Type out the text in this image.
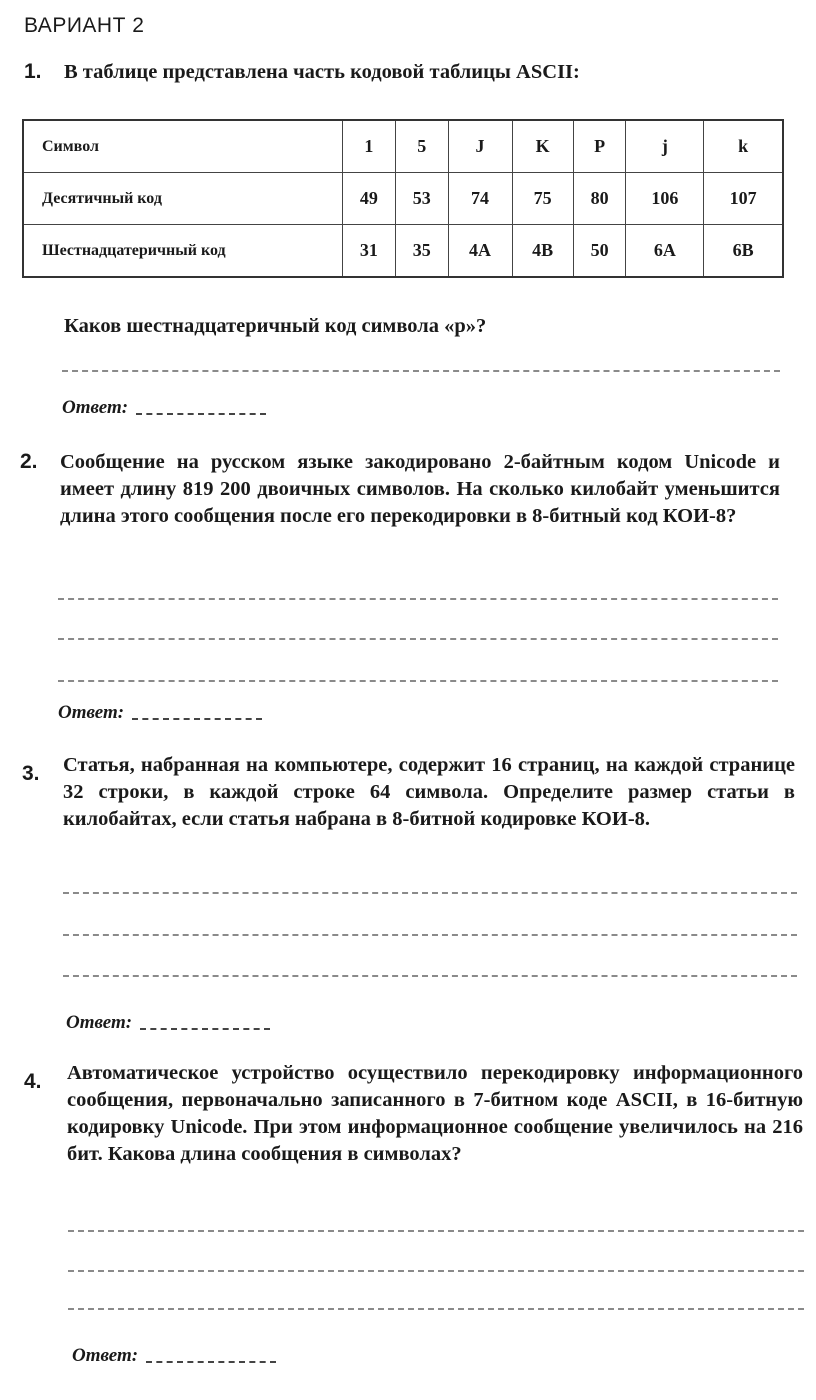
ВАРИАНТ 2
1. В таблице представлена часть кодовой таблицы ASCII:
Символ	1	5	J	K	P	j	k
Десятичный код	49	53	74	75	80	106	107
Шестнадцатеричный код	31	35	4A	4B	50	6A	6B
Каков шестнадцатеричный код символа «p»?
Ответ:
2. Сообщение на русском языке закодировано 2-байтным кодом Unicode и имеет длину 819 200 двоичных символов. На сколько килобайт уменьшится длина этого сообщения после его перекодировки в 8-битный код КОИ-8?
Ответ:
3. Статья, набранная на компьютере, содержит 16 страниц, на каждой странице 32 строки, в каждой строке 64 символа. Определите размер статьи в килобайтах, если статья набрана в 8-битной кодировке КОИ-8.
Ответ:
4. Автоматическое устройство осуществило перекодировку информационного сообщения, первоначально записанного в 7-битном коде ASCII, в 16-битную кодировку Unicode. При этом информационное сообщение увеличилось на 216 бит. Какова длина сообщения в символах?
Ответ:
